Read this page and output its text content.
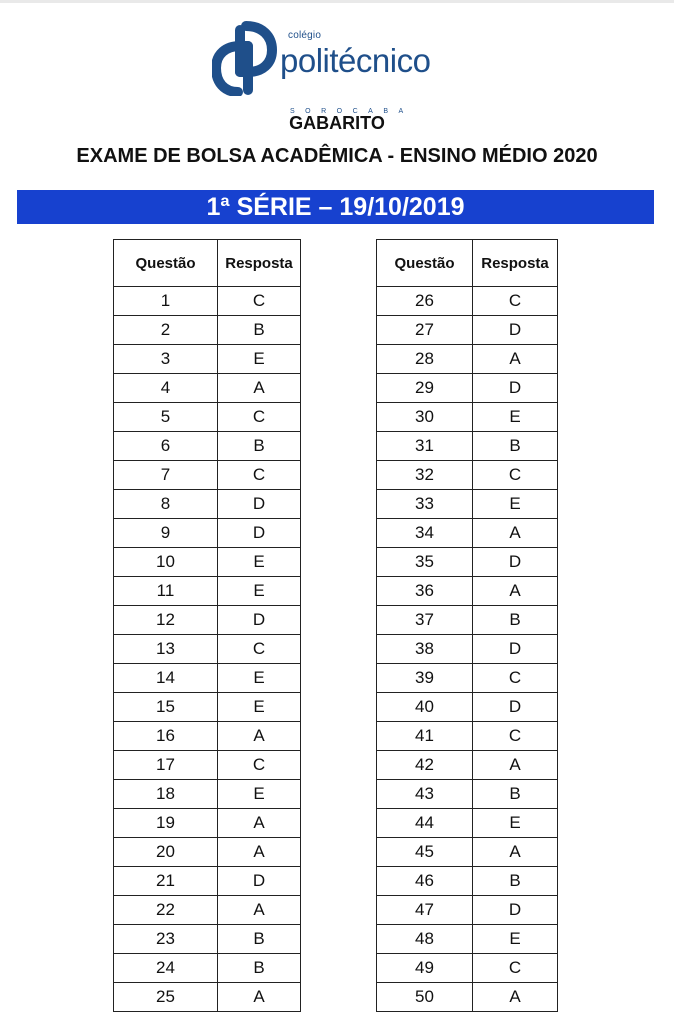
colégio
politécnico
SOROCABA
GABARITO
EXAME DE BOLSA ACADÊMICA - ENSINO MÉDIO 2020
1ª SÉRIE – 19/10/2019
Questão	Resposta
1	C
2	B
3	E
4	A
5	C
6	B
7	C
8	D
9	D
10	E
11	E
12	D
13	C
14	E
15	E
16	A
17	C
18	E
19	A
20	A
21	D
22	A
23	B
24	B
25	A
Questão	Resposta
26	C
27	D
28	A
29	D
30	E
31	B
32	C
33	E
34	A
35	D
36	A
37	B
38	D
39	C
40	D
41	C
42	A
43	B
44	E
45	A
46	B
47	D
48	E
49	C
50	A
